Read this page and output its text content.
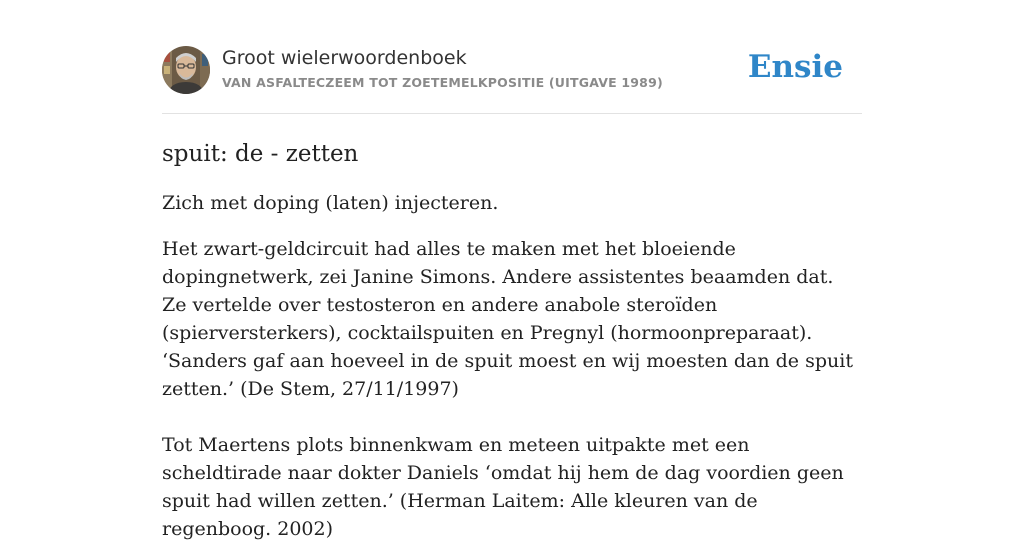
Groot wielerwoordenboek
VAN ASFALTECZEEM TOT ZOETEMELKPOSITIE (UITGAVE 1989)	Ensie
spuit: de - zetten
Zich met doping (laten) injecteren.

Het zwart-geldcircuit had alles te maken met het bloeiende dopingnetwerk, zei Janine Simons. Andere assistentes beaamden dat. Ze vertelde over testosteron en andere anabole steroïden (spierversterkers), cocktailspuiten en Pregnyl (hormoonpreparaat). ‘Sanders gaf aan hoeveel in de spuit moest en wij moesten dan de spuit zetten.’ (De Stem, 27/11/1997)

Tot Maertens plots binnenkwam en meteen uitpakte met een scheldtirade naar dokter Daniels ‘omdat hij hem de dag voordien geen spuit had willen zetten.’ (Herman Laitem: Alle kleuren van de regenboog. 2002)
